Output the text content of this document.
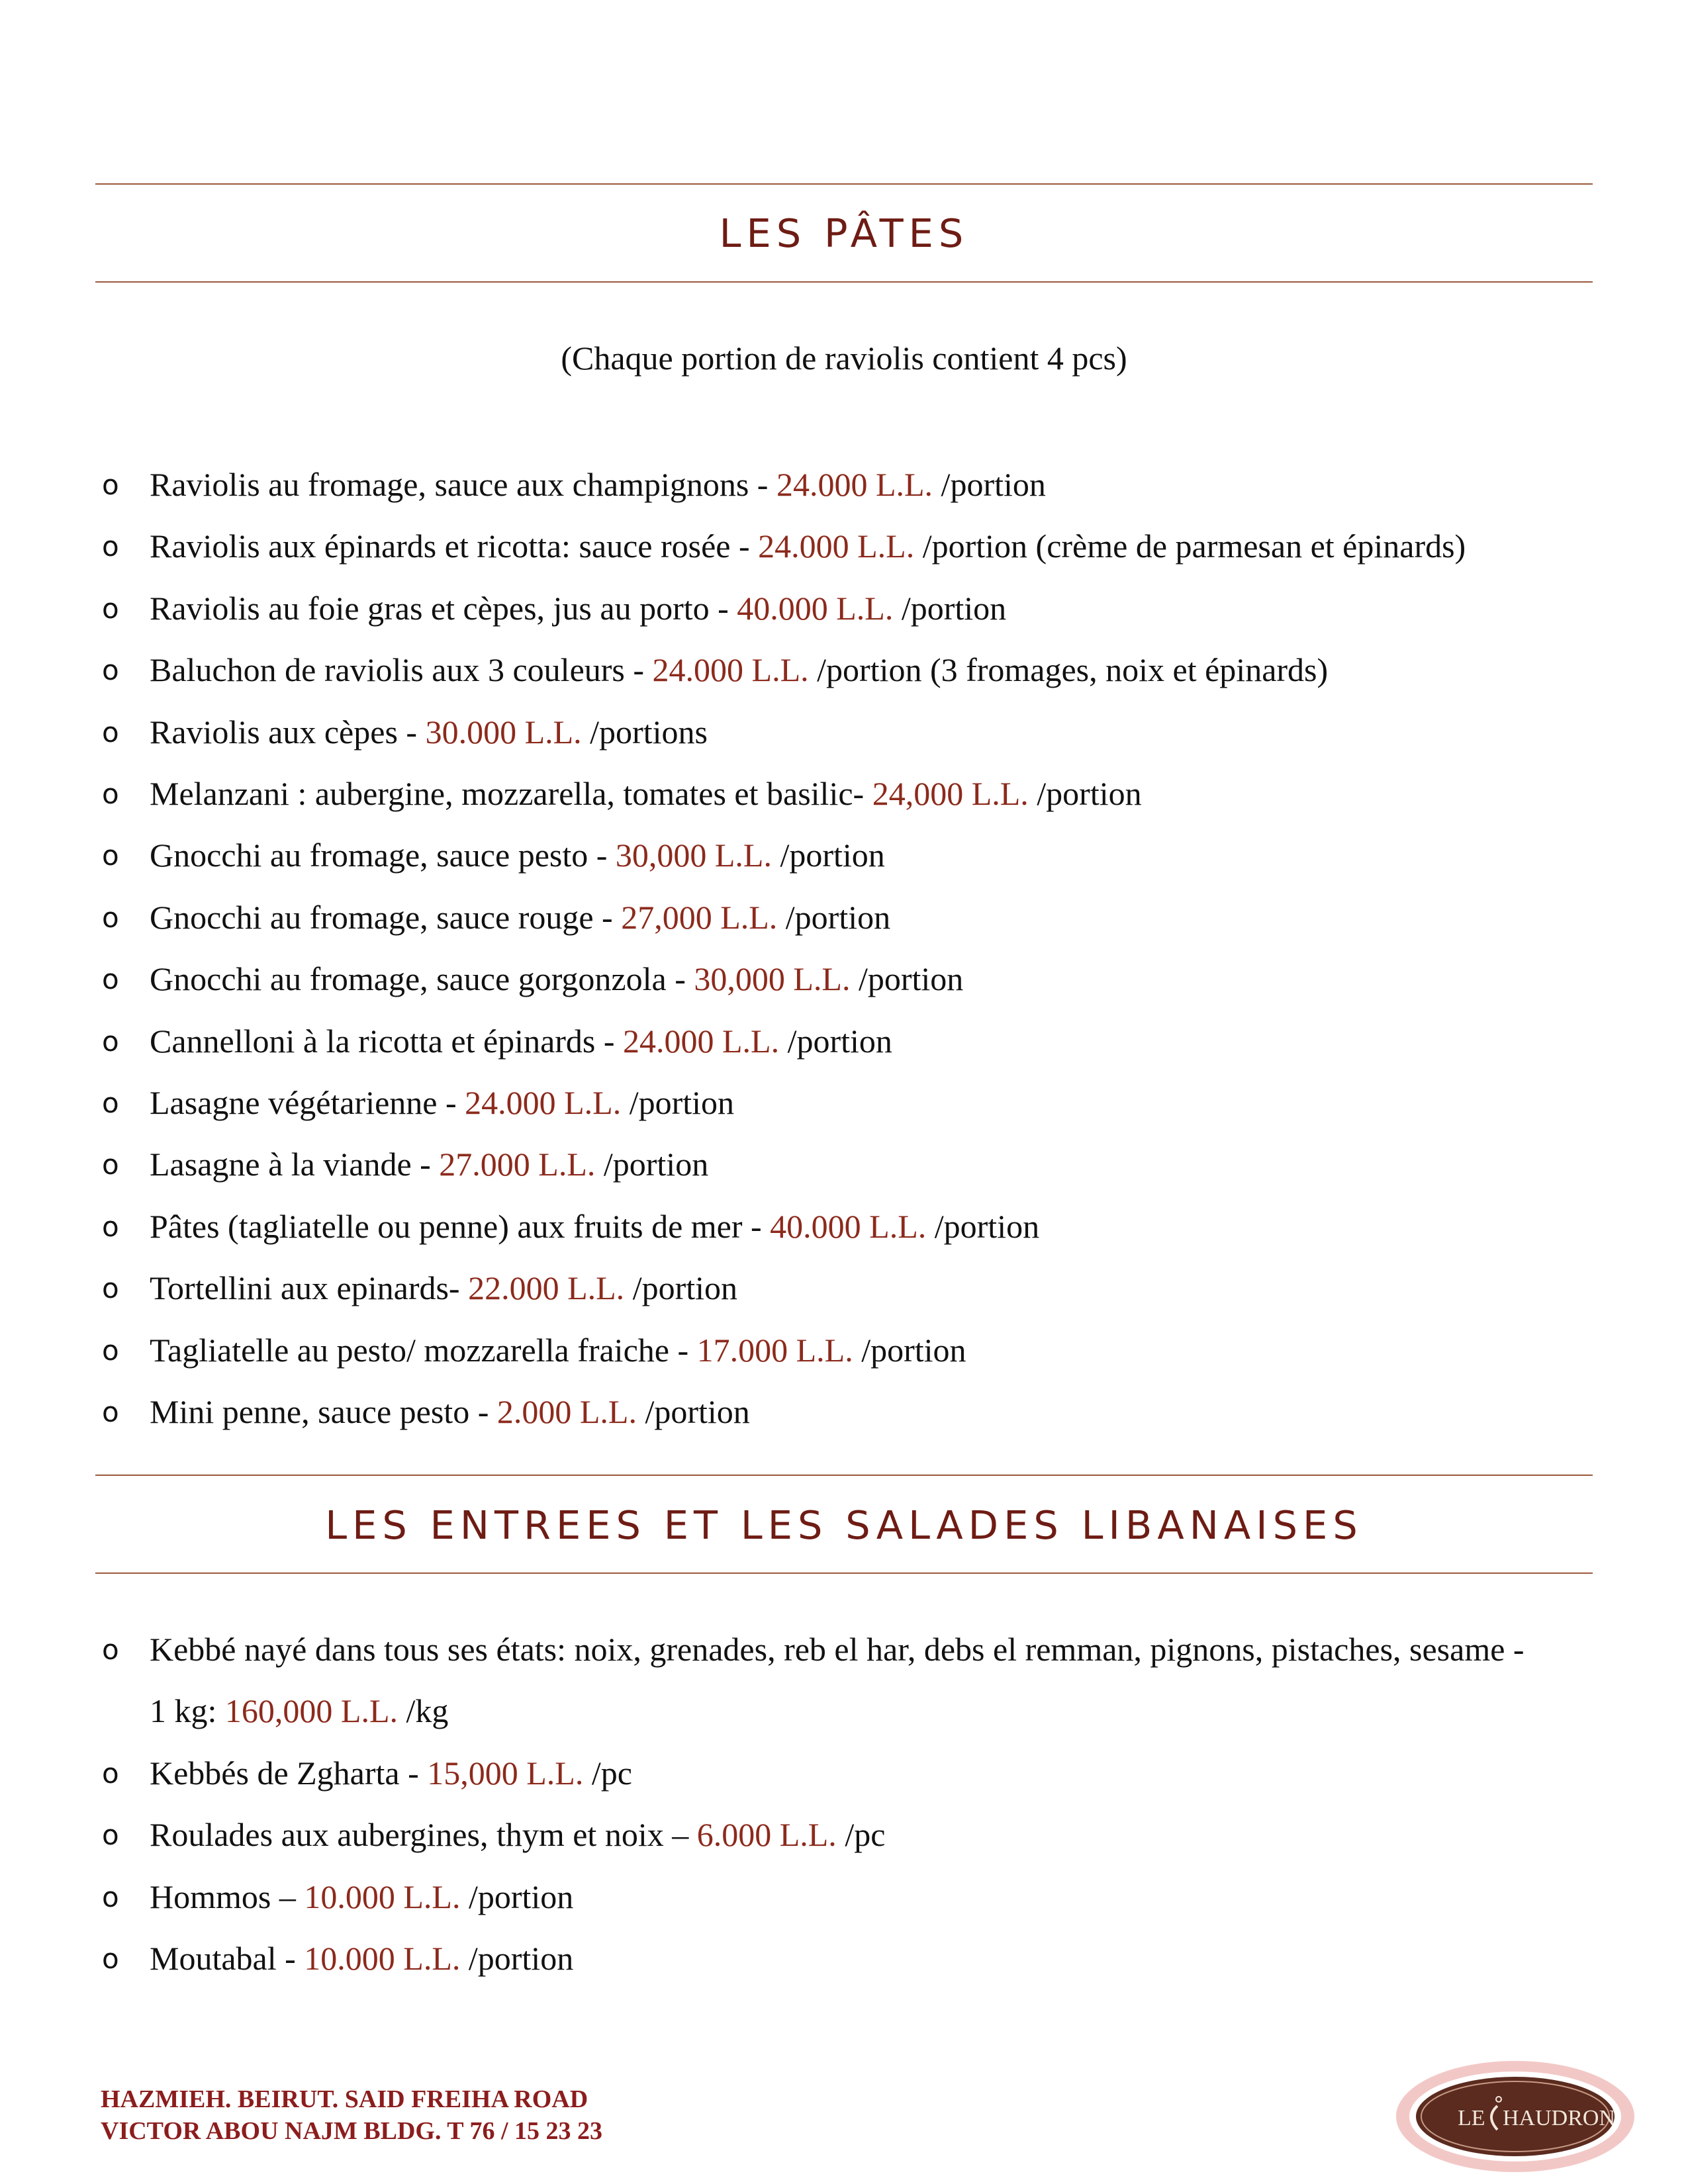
LES PÂTES
(Chaque portion de raviolis contient 4 pcs)
o Raviolis au fromage, sauce aux champignons - 24.000 L.L. /portion
o Raviolis aux épinards et ricotta: sauce rosée - 24.000 L.L. /portion (crème de parmesan et épinards)
o Raviolis au foie gras et cèpes, jus au porto - 40.000 L.L. /portion
o Baluchon de raviolis aux 3 couleurs - 24.000 L.L. /portion (3 fromages, noix et épinards)
o Raviolis aux cèpes - 30.000 L.L. /portions
o Melanzani : aubergine, mozzarella, tomates et basilic- 24,000 L.L. /portion
o Gnocchi au fromage, sauce pesto - 30,000 L.L. /portion
o Gnocchi au fromage, sauce rouge - 27,000 L.L. /portion
o Gnocchi au fromage, sauce gorgonzola - 30,000 L.L. /portion
o Cannelloni à la ricotta et épinards - 24.000 L.L. /portion
o Lasagne végétarienne - 24.000 L.L. /portion
o Lasagne à la viande - 27.000 L.L. /portion
o Pâtes (tagliatelle ou penne) aux fruits de mer - 40.000 L.L. /portion
o Tortellini aux epinards- 22.000 L.L. /portion
o Tagliatelle au pesto/ mozzarella fraiche - 17.000 L.L. /portion
o Mini penne, sauce pesto - 2.000 L.L. /portion
LES ENTREES ET LES SALADES LIBANAISES
o Kebbé nayé dans tous ses états: noix, grenades, reb el har, debs el remman, pignons, pistaches, sesame - 1 kg: 160,000 L.L. /kg
o Kebbés de Zgharta - 15,000 L.L. /pc
o Roulades aux aubergines, thym et noix – 6.000 L.L. /pc
o Hommos – 10.000 L.L. /portion
o Moutabal - 10.000 L.L. /portion
HAZMIEH. BEIRUT. SAID FREIHA ROAD
VICTOR ABOU NAJM BLDG. T 76 / 15 23 23	LE HAUDRON
